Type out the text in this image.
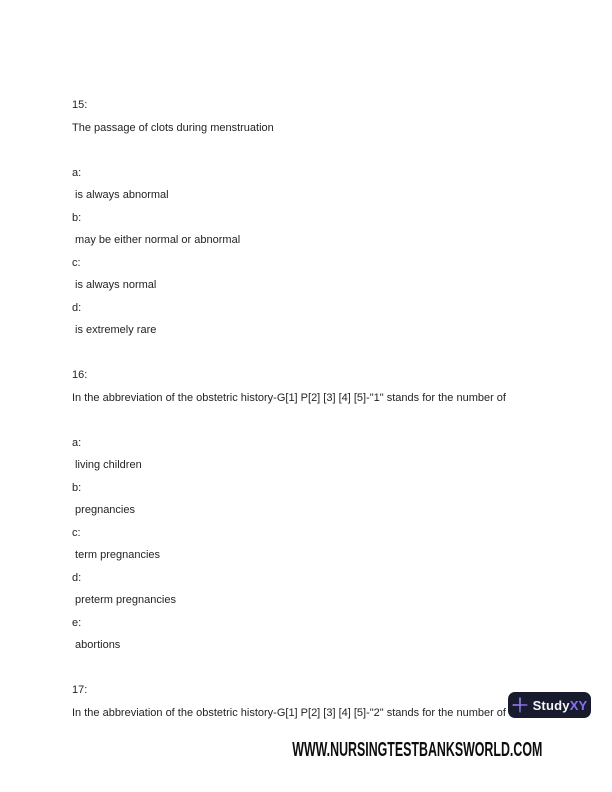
15:
The passage of clots during menstruation
a:
is always abnormal
b:
may be either normal or abnormal
c:
is always normal
d:
is extremely rare
16:
In the abbreviation of the obstetric history-G[1] P[2] [3] [4] [5]-"1" stands for the number of
a:
living children
b:
pregnancies
c:
term pregnancies
d:
preterm pregnancies
e:
abortions
17:
In the abbreviation of the obstetric history-G[1] P[2] [3] [4] [5]-"2" stands for the number of	StudyXY
WWW.NURSINGTESTBANKSWORLD.COM
